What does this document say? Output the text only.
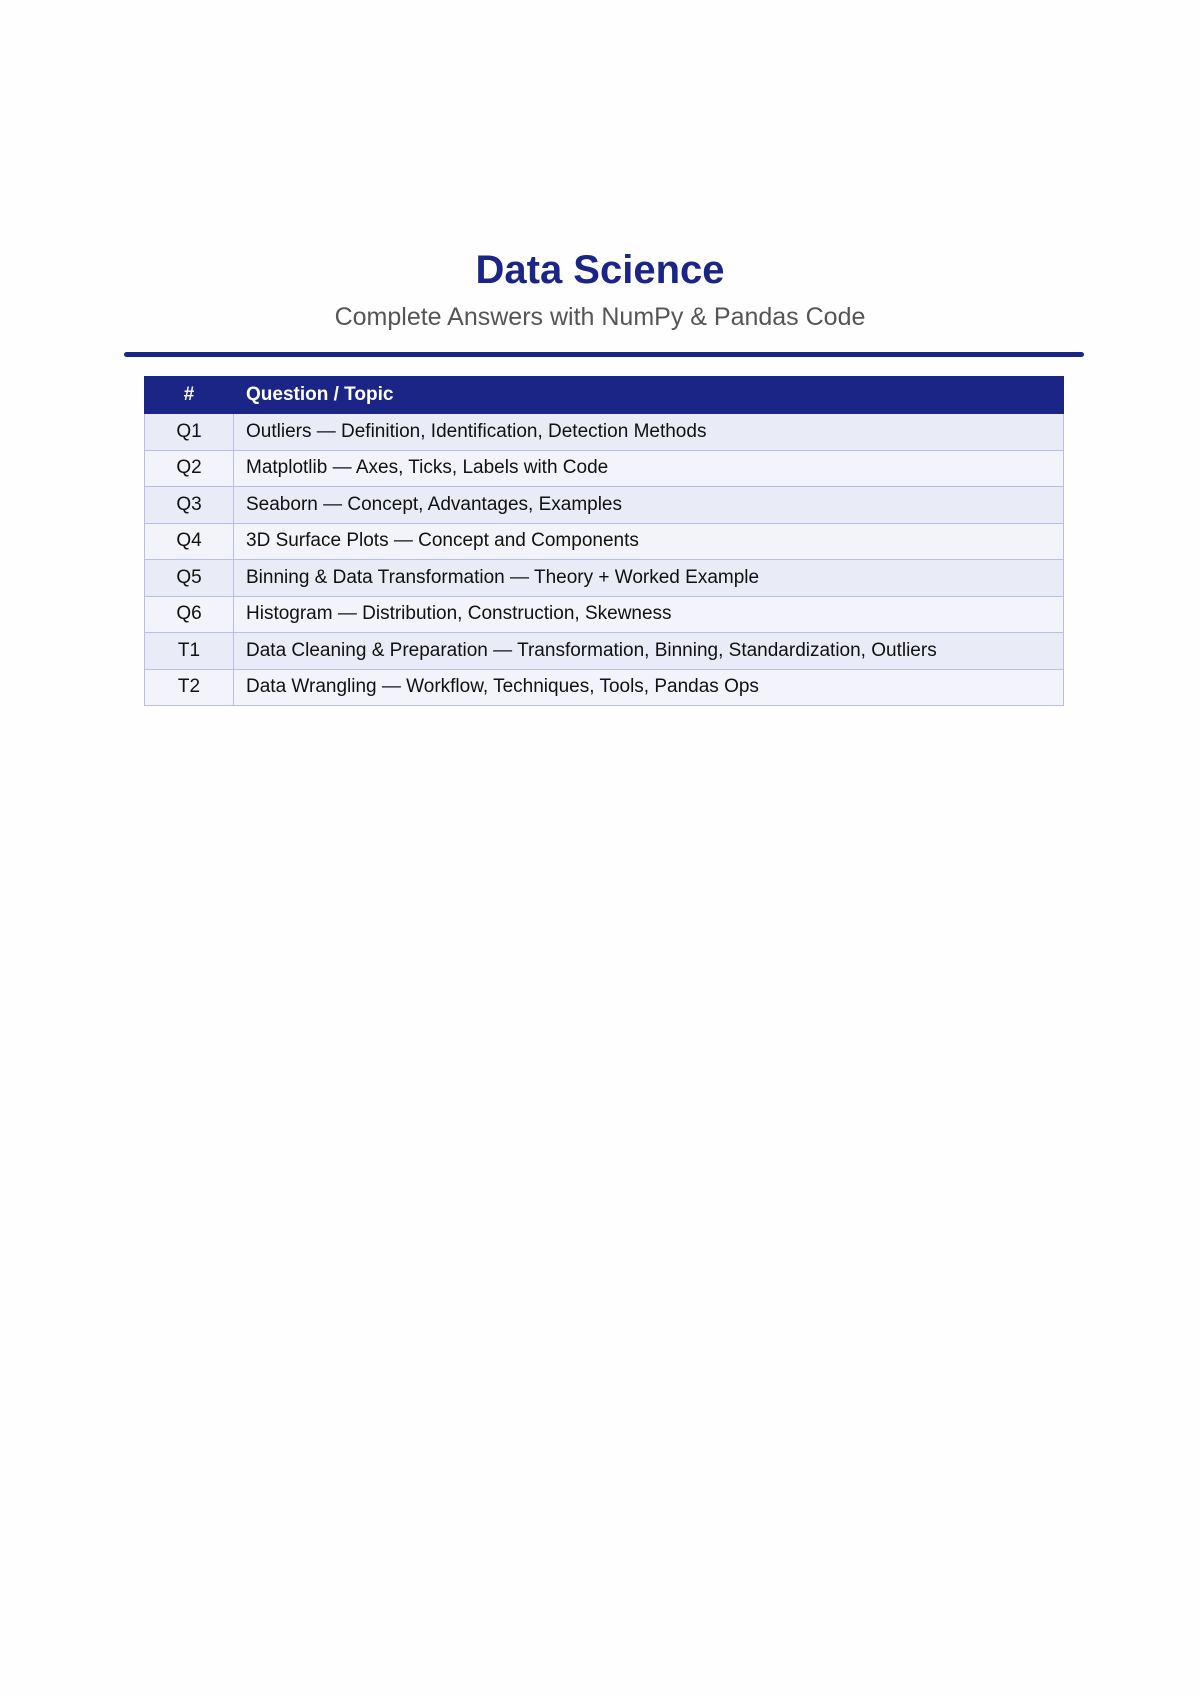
Data Science
Complete Answers with NumPy & Pandas Code
#	Question / Topic
Q1	Outliers — Definition, Identification, Detection Methods
Q2	Matplotlib — Axes, Ticks, Labels with Code
Q3	Seaborn — Concept, Advantages, Examples
Q4	3D Surface Plots — Concept and Components
Q5	Binning & Data Transformation — Theory + Worked Example
Q6	Histogram — Distribution, Construction, Skewness
T1	Data Cleaning & Preparation — Transformation, Binning, Standardization, Outliers
T2	Data Wrangling — Workflow, Techniques, Tools, Pandas Ops
